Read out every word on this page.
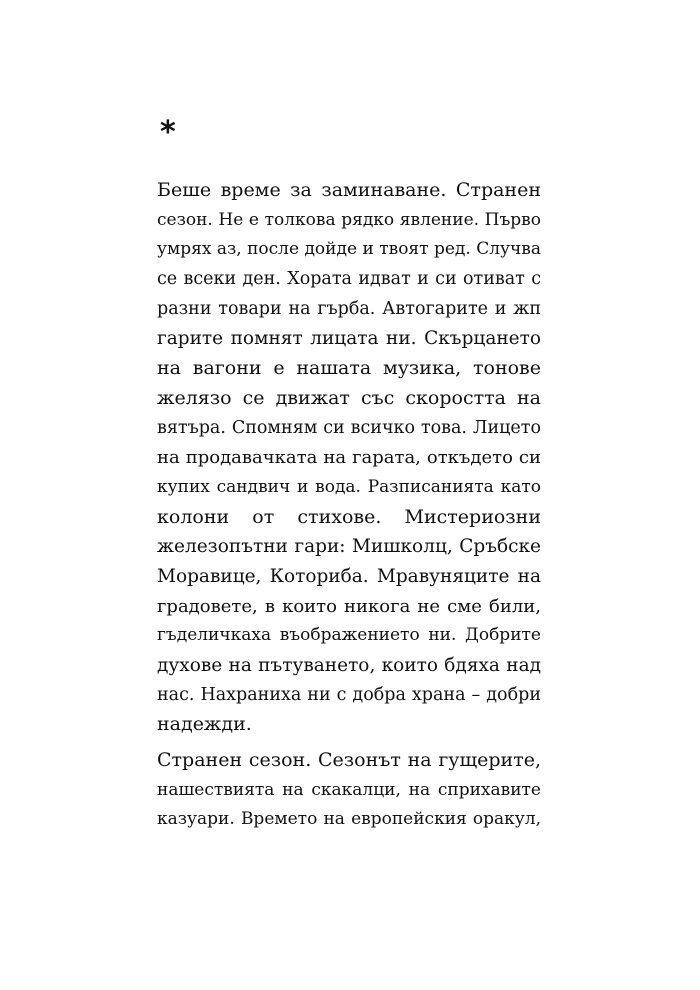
*
Беше време за заминаване. Странен
сезон. Не е толкова рядко явление. Първо
умрях аз, после дойде и твоят ред. Случва
се всеки ден. Хората идват и си отиват с
разни товари на гърба. Автогарите и жп
гарите помнят лицата ни. Скърцането
на вагони е нашата музика, тонове
желязо се движат със скоростта на
вятъра. Спомням си всичко това. Лицето
на продавачката на гарата, откъдето си
купих сандвич и вода. Разписанията като
колони от стихове. Мистериозни
железопътни гари: Мишколц, Сръбске
Моравице, Коториба. Мравуняците на
градовете, в които никога не сме били,
гъделичкаха въображението ни. Добрите
духове на пътуването, които бдяха над
нас. Нахраниха ни с добра храна – добри
надежди.
Странен сезон. Сезонът на гущерите,
нашествията на скакалци, на сприхавите
казуари. Времето на европейския оракул,
